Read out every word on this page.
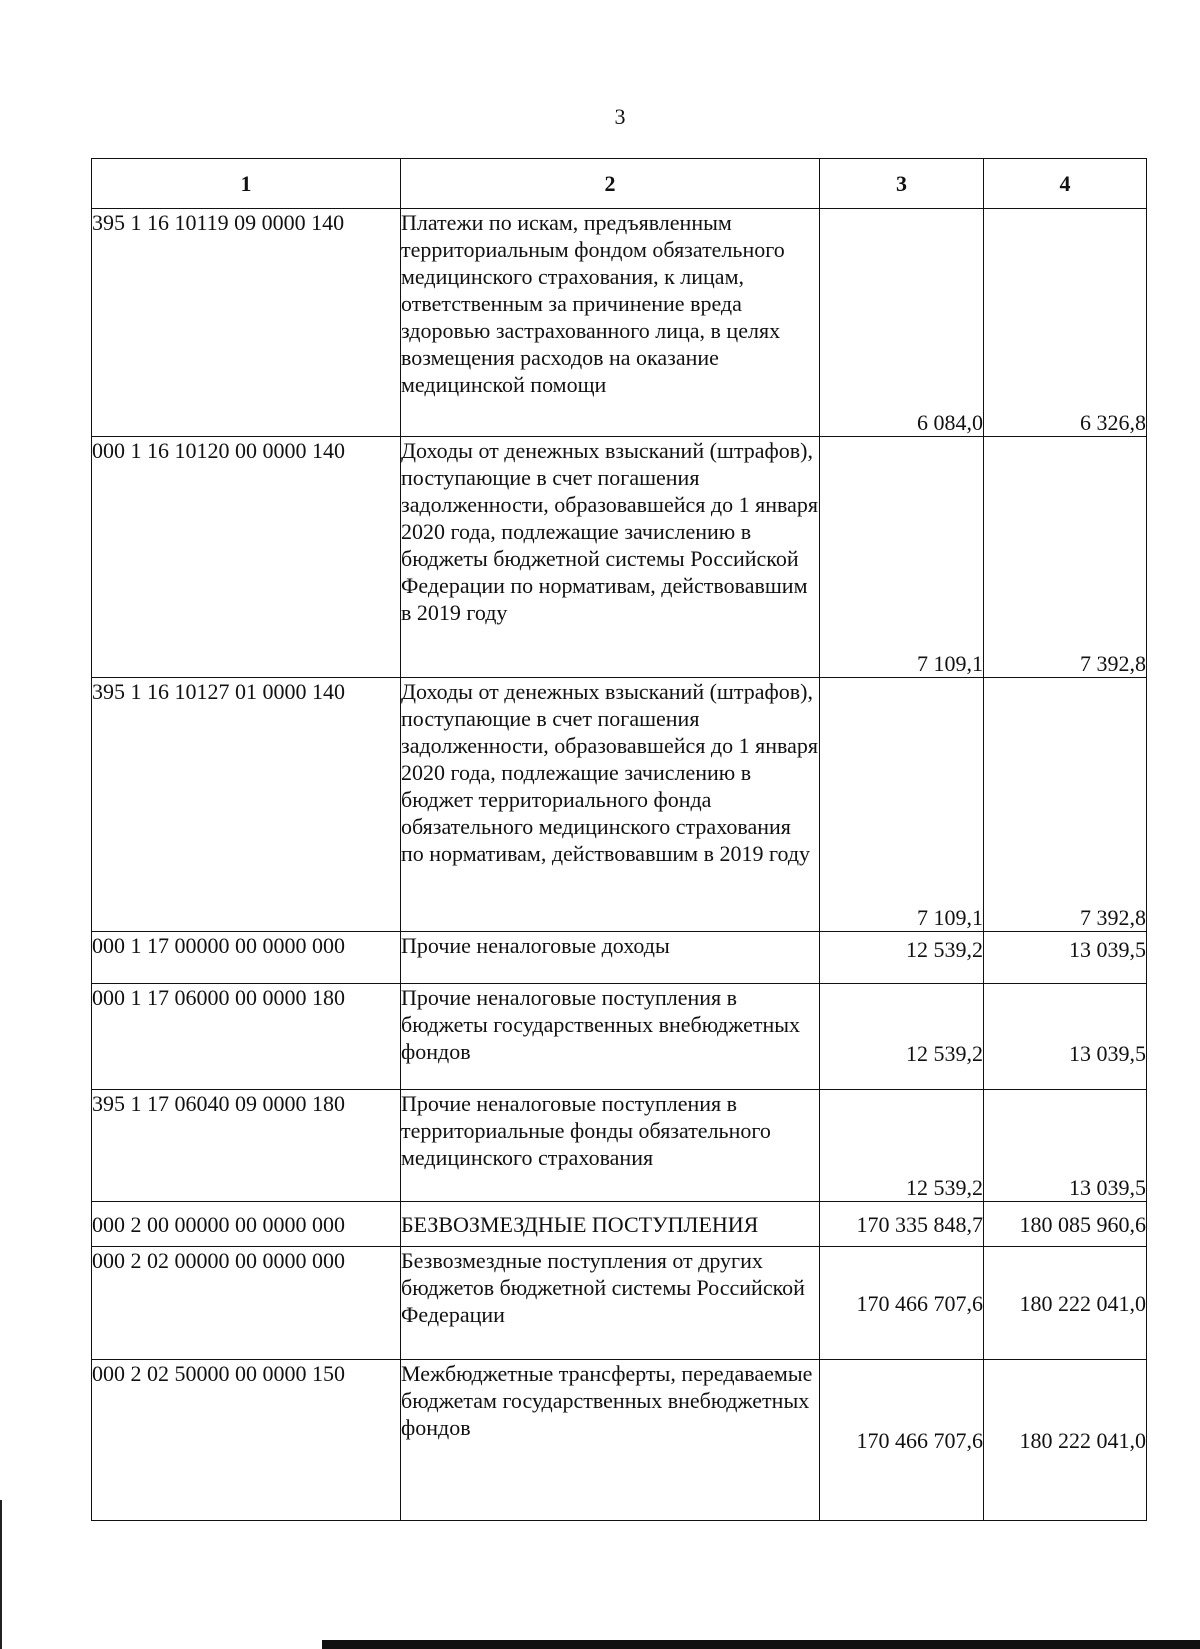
3
1	2	3	4
395 1 16 10119 09 0000 140	Платежи по искам, предъявленным территориальным фондом обязательного медицинского страхования, к лицам, ответственным за причинение вреда здоровью застрахованного лица, в целях возмещения расходов на оказание медицинской помощи	6 084,0	6 326,8
000 1 16 10120 00 0000 140	Доходы от денежных взысканий (штрафов), поступающие в счет погашения задолженности, образовавшейся до 1 января 2020 года, подлежащие зачислению в бюджеты бюджетной системы Российской Федерации по нормативам, действовавшим в 2019 году	7 109,1	7 392,8
395 1 16 10127 01 0000 140	Доходы от денежных взысканий (штрафов), поступающие в счет погашения задолженности, образовавшейся до 1 января 2020 года, подлежащие зачислению в бюджет территориального фонда обязательного медицинского страхования по нормативам, действовавшим в 2019 году	7 109,1	7 392,8
000 1 17 00000 00 0000 000	Прочие неналоговые доходы	12 539,2	13 039,5
000 1 17 06000 00 0000 180	Прочие неналоговые поступления в бюджеты государственных внебюджетных фондов	12 539,2	13 039,5
395 1 17 06040 09 0000 180	Прочие неналоговые поступления в территориальные фонды обязательного медицинского страхования	12 539,2	13 039,5
000 2 00 00000 00 0000 000	БЕЗВОЗМЕЗДНЫЕ ПОСТУПЛЕНИЯ	170 335 848,7	180 085 960,6
000 2 02 00000 00 0000 000	Безвозмездные поступления от других бюджетов бюджетной системы Российской Федерации	170 466 707,6	180 222 041,0
000 2 02 50000 00 0000 150	Межбюджетные трансферты, передаваемые бюджетам государственных внебюджетных фондов	170 466 707,6	180 222 041,0
